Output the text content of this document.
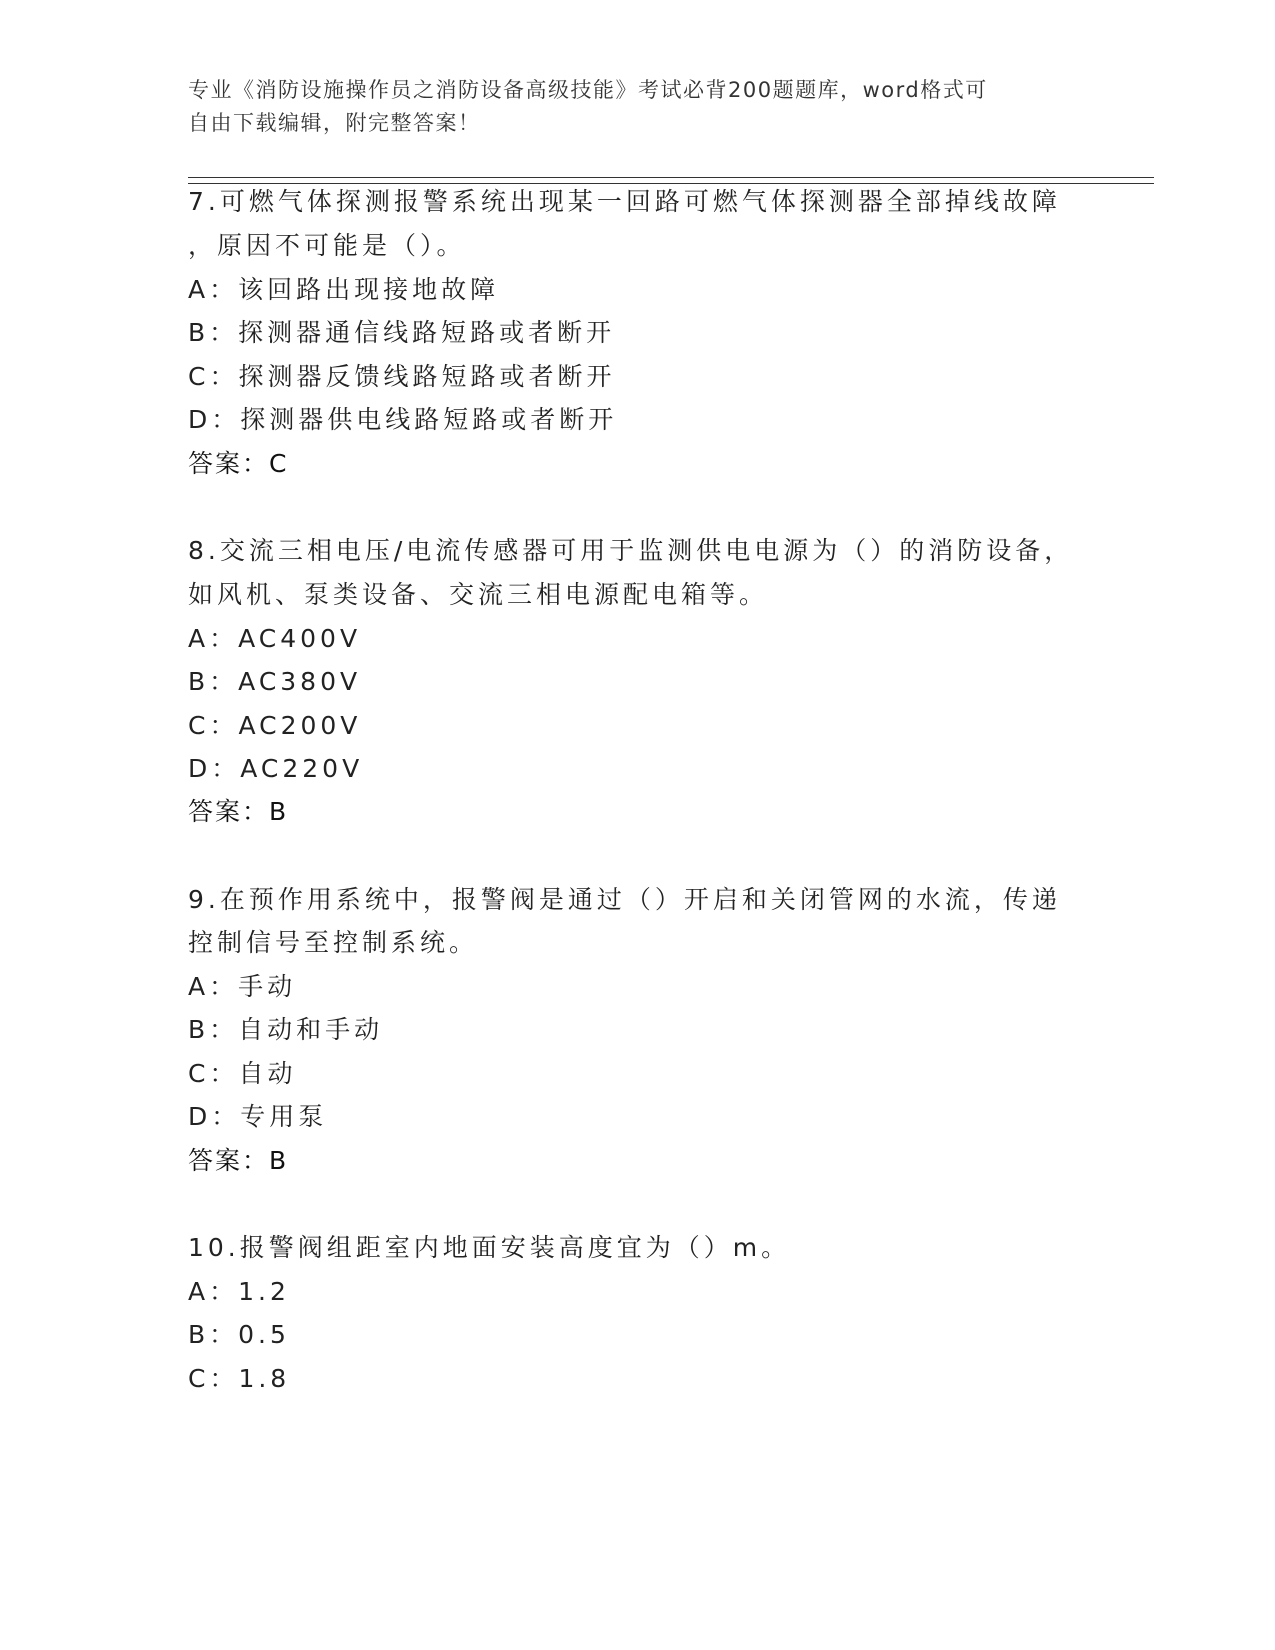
专业《消防设施操作员之消防设备高级技能》考试必背200题题库，word格式可
自由下载编辑，附完整答案！
7.可燃气体探测报警系统出现某一回路可燃气体探测器全部掉线故障
，原因不可能是（）。
A：该回路出现接地故障
B：探测器通信线路短路或者断开
C：探测器反馈线路短路或者断开
D：探测器供电线路短路或者断开
答案：C
8.交流三相电压/电流传感器可用于监测供电电源为（）的消防设备，
如风机、泵类设备、交流三相电源配电箱等。
A：AC400V
B：AC380V
C：AC200V
D：AC220V
答案：B
9.在预作用系统中，报警阀是通过（）开启和关闭管网的水流，传递
控制信号至控制系统。
A：手动
B：自动和手动
C：自动
D：专用泵
答案：B
10.报警阀组距室内地面安装高度宜为（）m。
A：1.2
B：0.5
C：1.8
